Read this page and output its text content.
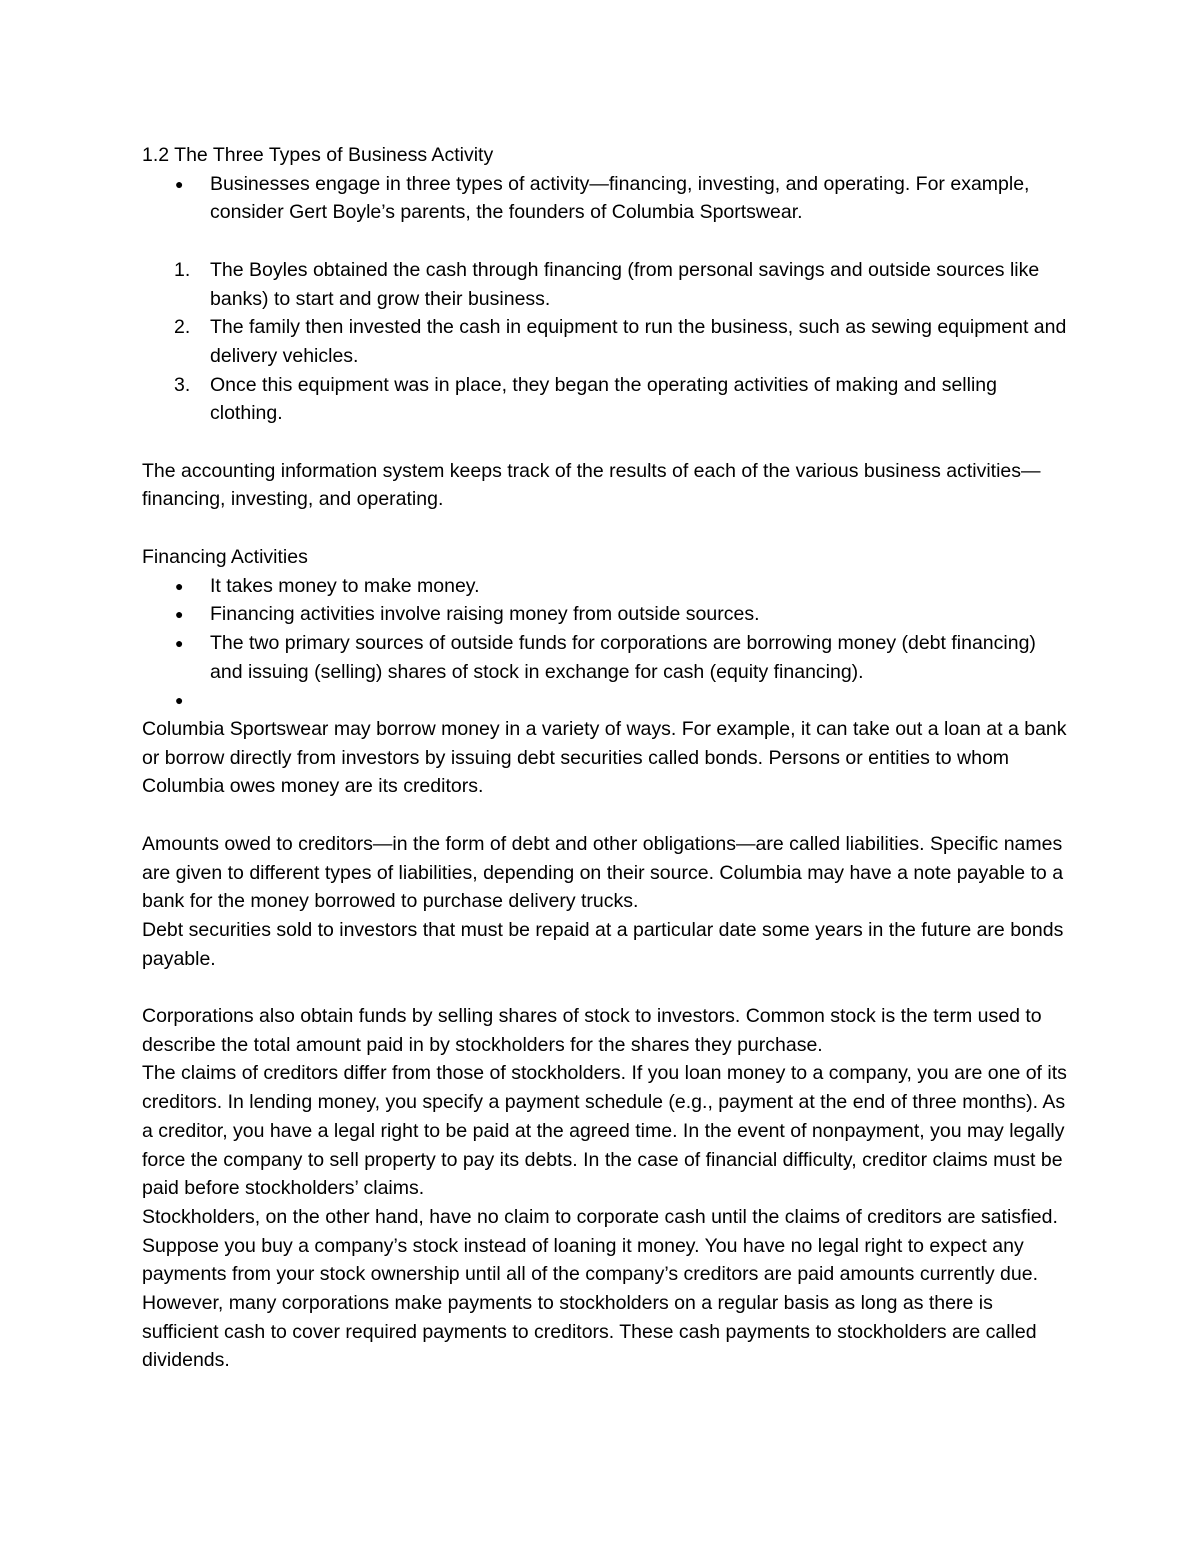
1.2 The Three Types of Business Activity

●	Businesses engage in three types of activity—financing, investing, and operating. For example, consider Gert Boyle’s parents, the founders of Columbia Sportswear.
1. The Boyles obtained the cash through financing (from personal savings and outside sources like banks) to start and grow their business.
2. The family then invested the cash in equipment to run the business, such as sewing equipment and delivery vehicles.
3. Once this equipment was in place, they began the operating activities of making and selling clothing.

The accounting information system keeps track of the results of each of the various business activities—financing, investing, and operating.

Financing Activities

●	It takes money to make money.
●	Financing activities involve raising money from outside sources.
●	The two primary sources of outside funds for corporations are borrowing money (debt financing) and issuing (selling) shares of stock in exchange for cash (equity financing).
●

Columbia Sportswear may borrow money in a variety of ways. For example, it can take out a loan at a bank or borrow directly from investors by issuing debt securities called bonds. Persons or entities to whom Columbia owes money are its creditors.

Amounts owed to creditors—in the form of debt and other obligations—are called liabilities. Specific names are given to different types of liabilities, depending on their source. Columbia may have a note payable to a bank for the money borrowed to purchase delivery trucks.

Debt securities sold to investors that must be repaid at a particular date some years in the future are bonds payable.

Corporations also obtain funds by selling shares of stock to investors. Common stock is the term used to describe the total amount paid in by stockholders for the shares they purchase.

The claims of creditors differ from those of stockholders. If you loan money to a company, you are one of its creditors. In lending money, you specify a payment schedule (e.g., payment at the end of three months). As a creditor, you have a legal right to be paid at the agreed time. In the event of nonpayment, you may legally force the company to sell property to pay its debts. In the case of financial difficulty, creditor claims must be paid before stockholders’ claims.

Stockholders, on the other hand, have no claim to corporate cash until the claims of creditors are satisfied. Suppose you buy a company’s stock instead of loaning it money. You have no legal right to expect any payments from your stock ownership until all of the company’s creditors are paid amounts currently due. However, many corporations make payments to stockholders on a regular basis as long as there is sufficient cash to cover required payments to creditors. These cash payments to stockholders are called dividends.
